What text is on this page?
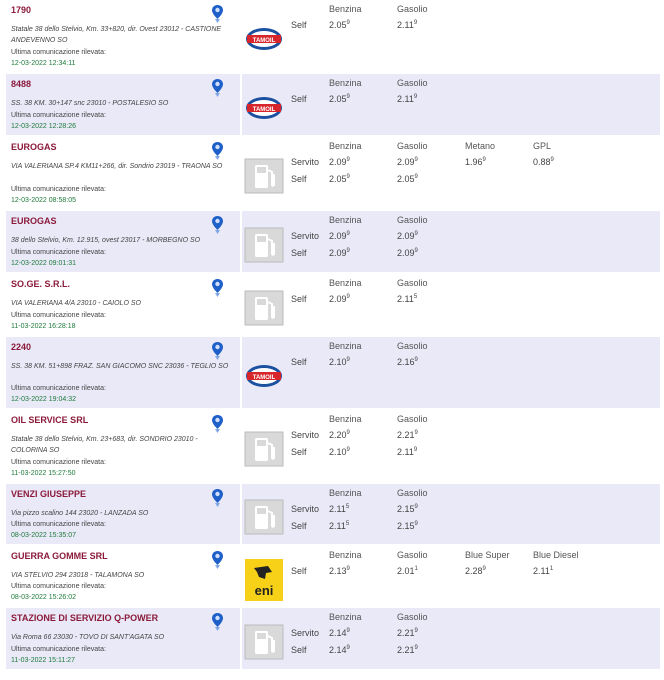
1790
Statale 38 dello Stelvio, Km. 33+820, dir. Ovest 23012 - CASTIONE ANDEVENNO SO
Ultima comunicazione rilevata:
12-03-2022 12:34:11
TAMOIL
Benzina	Gasolio
Self 2.05$^9$	2.11$^9$
8488
SS. 38 KM. 30+147 snc 23010 - POSTALESIO SO
Ultima comunicazione rilevata:
12-03-2022 12:28:26
TAMOIL
Benzina	Gasolio
Self 2.05$^9$	2.11$^9$
EUROGAS
VIA VALERIANA SP.4 KM11+266, dir. Sondrio 23019 - TRAONA SO
Ultima comunicazione rilevata:
12-03-2022 08:58:05
Benzina	Gasolio	Metano	GPL
Servito 2.09$^9$	2.09$^9$	1.96$^9$	0.88$^9$
Self 2.05$^9$	2.05$^9$
EUROGAS
38 dello Stelvio, Km. 12.915, ovest 23017 - MORBEGNO SO
Ultima comunicazione rilevata:
12-03-2022 09:01:31
Benzina	Gasolio
Servito 2.09$^9$	2.09$^9$
Self 2.09$^9$	2.09$^9$
SO.GE. S.R.L.
VIA VALERIANA 4/A 23010 - CAIOLO SO
Ultima comunicazione rilevata:
11-03-2022 16:28:18
Benzina	Gasolio
Self 2.09$^9$	2.11$^5$
2240
SS. 38 KM. 51+898 FRAZ. SAN GIACOMO SNC 23036 - TEGLIO SO
Ultima comunicazione rilevata:
12-03-2022 19:04:32
TAMOIL
Benzina	Gasolio
Self 2.10$^9$	2.16$^9$
OIL SERVICE SRL
Statale 38 dello Stelvio, Km. 23+683, dir. SONDRIO 23010 - COLORINA SO
Ultima comunicazione rilevata:
11-03-2022 15:27:50
Benzina	Gasolio
Servito 2.20$^9$	2.21$^9$
Self 2.10$^9$	2.11$^9$
VENZI GIUSEPPE
Via pizzo scalino 144 23020 - LANZADA SO
Ultima comunicazione rilevata:
08-03-2022 15:35:07
Benzina	Gasolio
Servito 2.11$^5$	2.15$^9$
Self 2.11$^5$	2.15$^9$
GUERRA GOMME SRL
VIA STELVIO 294 23018 - TALAMONA SO
Ultima comunicazione rilevata:
08-03-2022 15:26:02	eni
Benzina	Gasolio	Blue Super	Blue Diesel
Self 2.13$^9$	2.01$^1$	2.28$^9$	2.11$^1$
STAZIONE DI SERVIZIO Q-POWER
Via Roma 66 23030 - TOVO DI SANT'AGATA SO
Ultima comunicazione rilevata:
11-03-2022 15:11:27
Benzina	Gasolio
Servito 2.14$^9$	2.21$^9$
Self 2.14$^9$	2.21$^9$
